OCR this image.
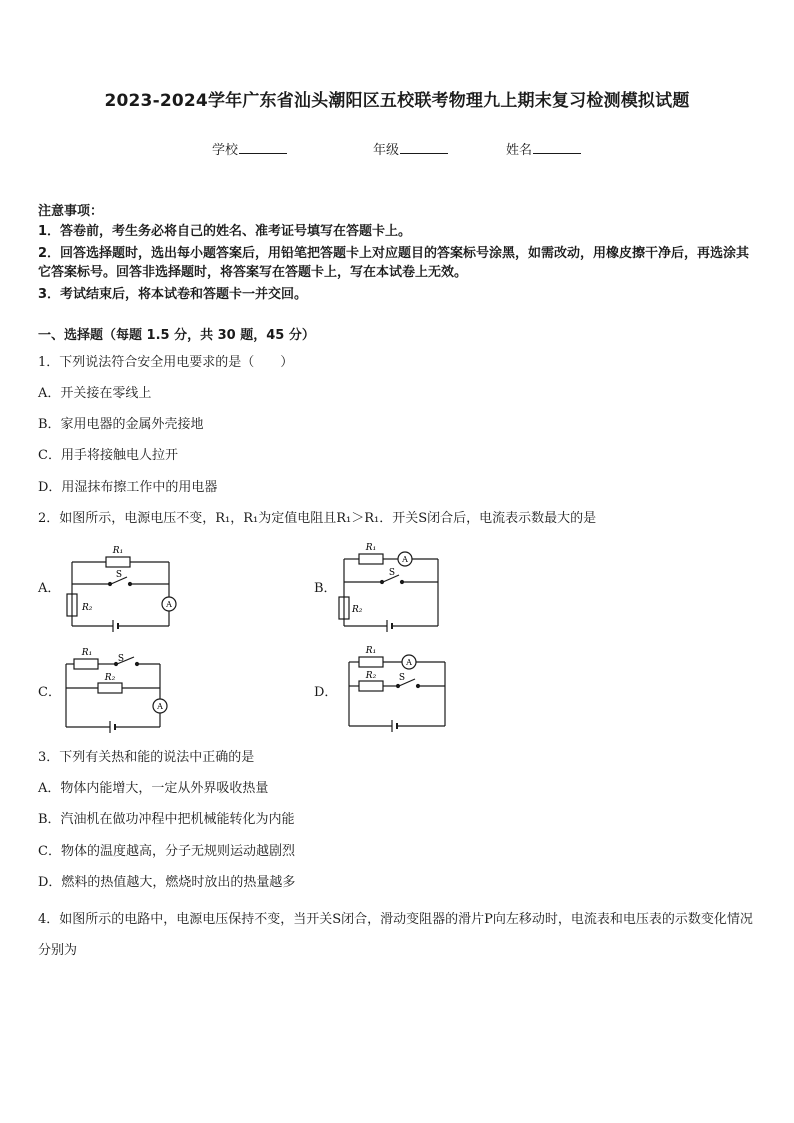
2023-2024学年广东省汕头潮阳区五校联考物理九上期末复习检测模拟试题
学校	年级	姓名
注意事项：
1．答卷前，考生务必将自己的姓名、准考证号填写在答题卡上。
2．回答选择题时，选出每小题答案后，用铅笔把答题卡上对应题目的答案标号涂黑，如需改动，用橡皮擦干净后，再选涂其它答案标号。回答非选择题时，将答案写在答题卡上，写在本试卷上无效。
3．考试结束后，将本试卷和答题卡一并交回。
一、选择题（每题 1.5 分，共 30 题，45 分）
1．下列说法符合安全用电要求的是（　　）
A．开关接在零线上
B．家用电器的金属外壳接地
C．用手将接触电人拉开
D．用湿抹布擦工作中的用电器
2．如图所示，电源电压不变，R₁，R₁为定值电阻且R₁＞R₁．开关S闭合后，电流表示数最大的是
A．	B．
C．	D．
R₁
S
R₂	A
R₁
A
S
R₂
R₁
S
R₂
A
R₁
A
R₂	S
3．下列有关热和能的说法中正确的是
A．物体内能增大，一定从外界吸收热量
B．汽油机在做功冲程中把机械能转化为内能
C．物体的温度越高，分子无规则运动越剧烈
D．燃料的热值越大，燃烧时放出的热量越多
4．如图所示的电路中，电源电压保持不变，当开关S闭合，滑动变阻器的滑片P向左移动时，电流表和电压表的示数变化情况分别为
